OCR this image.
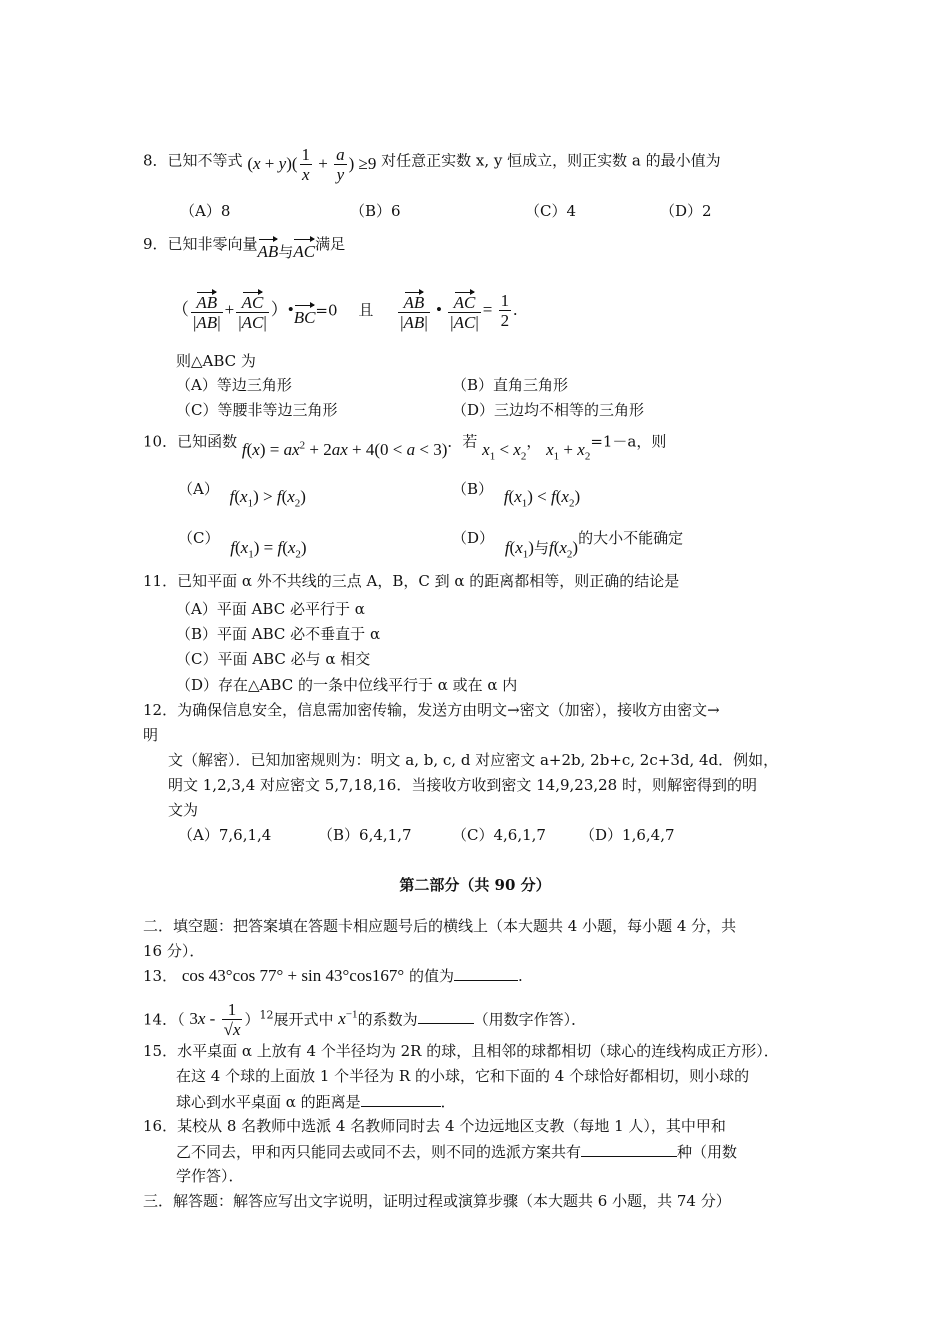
8．已知不等式 $(x + y)( \frac{1}{x} + \frac{a}{y}$ ) ≥9 对任意正实数 x, y 恒成立，则正实数 a 的最小值为
（A）8	（B）6	（C）4	（D）2
9．已知非零向量AB与AC满足
（ $\frac{AB}{|AB|} + \frac{AC}{|AC|}$ ）•BC=0 且 $\frac{AB}{|AB|}$ • $\frac{AC}{|AC|} = \frac{1}{2}$ .
则△ABC 为
（A）等边三角形	（B）直角三角形
（C）等腰非等边三角形	（D）三边均不相等的三角形
10．已知函数 $f(x) = ax^2 + 2ax + 4(0 < a < 3)$．若 $x_1 < x_2$， $x_1 + x_2=1-a$，则
（A） $f(x_1) > f(x_2)$	（B） $f(x_1) < f(x_2)$
（C） $f(x_1) = f(x_2)$	（D） $f(x_1)$与$f(x_2)$的大小不能确定
11．已知平面 α 外不共线的三点 A，B，C 到 α 的距离都相等，则正确的结论是
（A）平面 ABC 必平行于 α
（B）平面 ABC 必不垂直于 α
（C）平面 ABC 必与 α 相交
（D）存在△ABC 的一条中位线平行于 α 或在 α 内
12．为确保信息安全，信息需加密传输，发送方由明文→密文（加密），接收方由密文→
明
文（解密）．已知加密规则为：明文 a, b, c, d 对应密文 a+2b, 2b+c, 2c+3d, 4d．例如，
明文 1,2,3,4 对应密文 5,7,18,16．当接收方收到密文 14,9,23,28 时，则解密得到的明
文为
（A）7,6,1,4	（B）6,4,1,7	（C）4,6,1,7 （D）1,6,4,7
第二部分（共 90 分）
二．填空题：把答案填在答题卡相应题号后的横线上（本大题共 4 小题，每小题 4 分，共
16 分）．
13． cos 43°cos 77° + sin 43°cos167° 的值为	.
14．（ $3x - \frac{1}{√x} )^{12}$展开式中 $x^{-1}$的系数为	（用数字作答）．
15．水平桌面 α 上放有 4 个半径均为 2R 的球，且相邻的球都相切（球心的连线构成正方形）．
在这 4 个球的上面放 1 个半径为 R 的小球，它和下面的 4 个球恰好都相切，则小球的
球心到水平桌面 α 的距离是	．
16．某校从 8 名教师中选派 4 名教师同时去 4 个边远地区支教（每地 1 人），其中甲和
乙不同去，甲和丙只能同去或同不去，则不同的选派方案共有	种（用数
学作答）．
三．解答题：解答应写出文字说明，证明过程或演算步骤（本大题共 6 小题，共 74 分）
